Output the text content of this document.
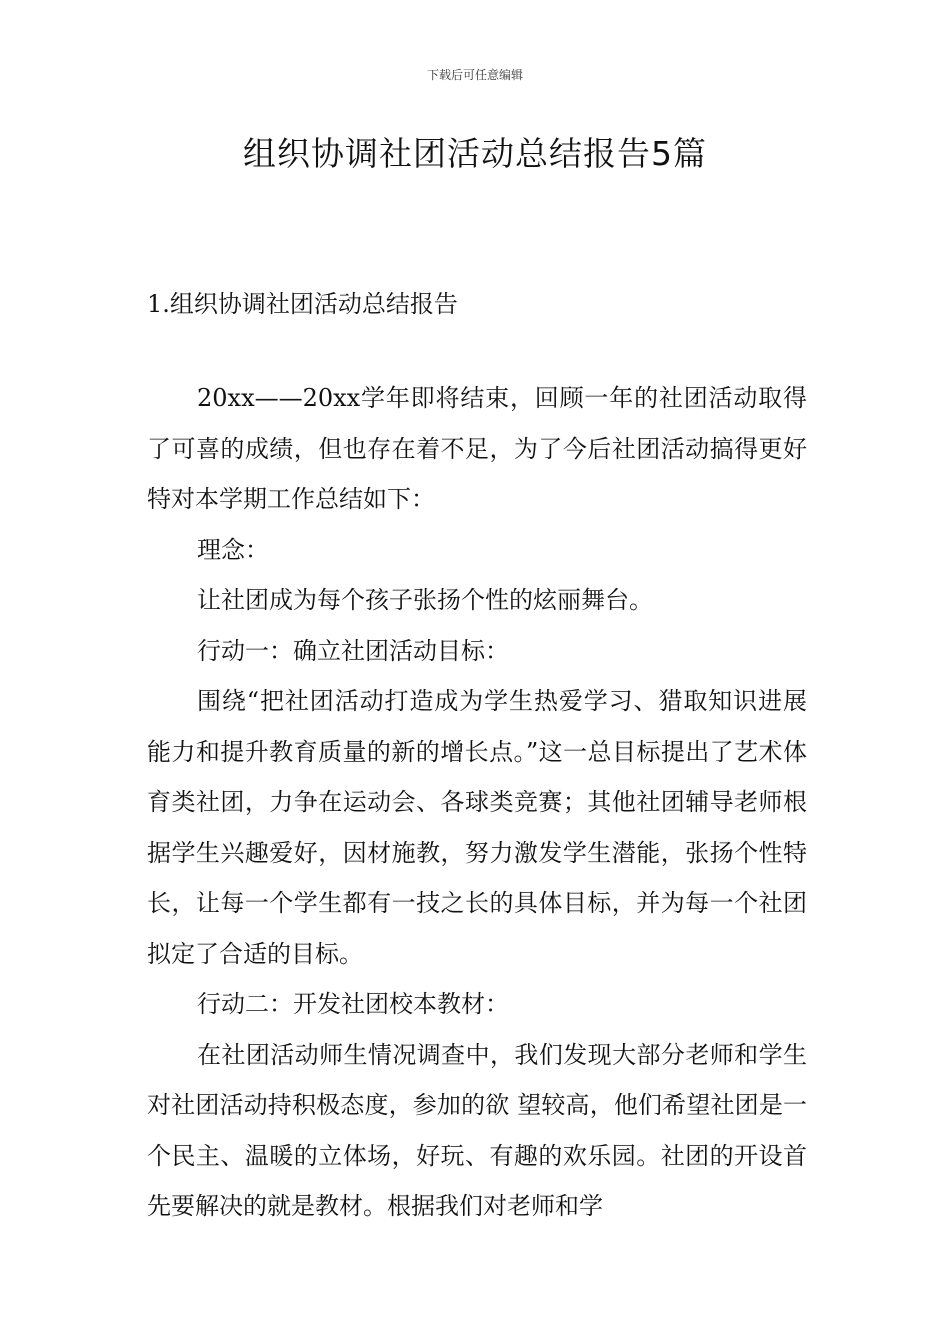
下载后可任意编辑
组织协调社团活动总结报告5篇
1.组织协调社团活动总结报告

20xx——20xx学年即将结束，回顾一年的社团活动取得了可喜的成绩，但也存在着不足，为了今后社团活动搞得更好特对本学期工作总结如下：

理念：

让社团成为每个孩子张扬个性的炫丽舞台。

行动一：确立社团活动目标：

围绕“把社团活动打造成为学生热爱学习、猎取知识进展能力和提升教育质量的新的增长点。”这一总目标提出了艺术体育类社团，力争在运动会、各球类竞赛；其他社团辅导老师根据学生兴趣爱好，因材施教，努力激发学生潜能，张扬个性特长，让每一个学生都有一技之长的具体目标，并为每一个社团拟定了合适的目标。

行动二：开发社团校本教材：

在社团活动师生情况调查中，我们发现大部分老师和学生对社团活动持积极态度，参加的欲 望较高，他们希望社团是一个民主、温暖的立体场，好玩、有趣的欢乐园。社团的开设首先要解决的就是教材。根据我们对老师和学
